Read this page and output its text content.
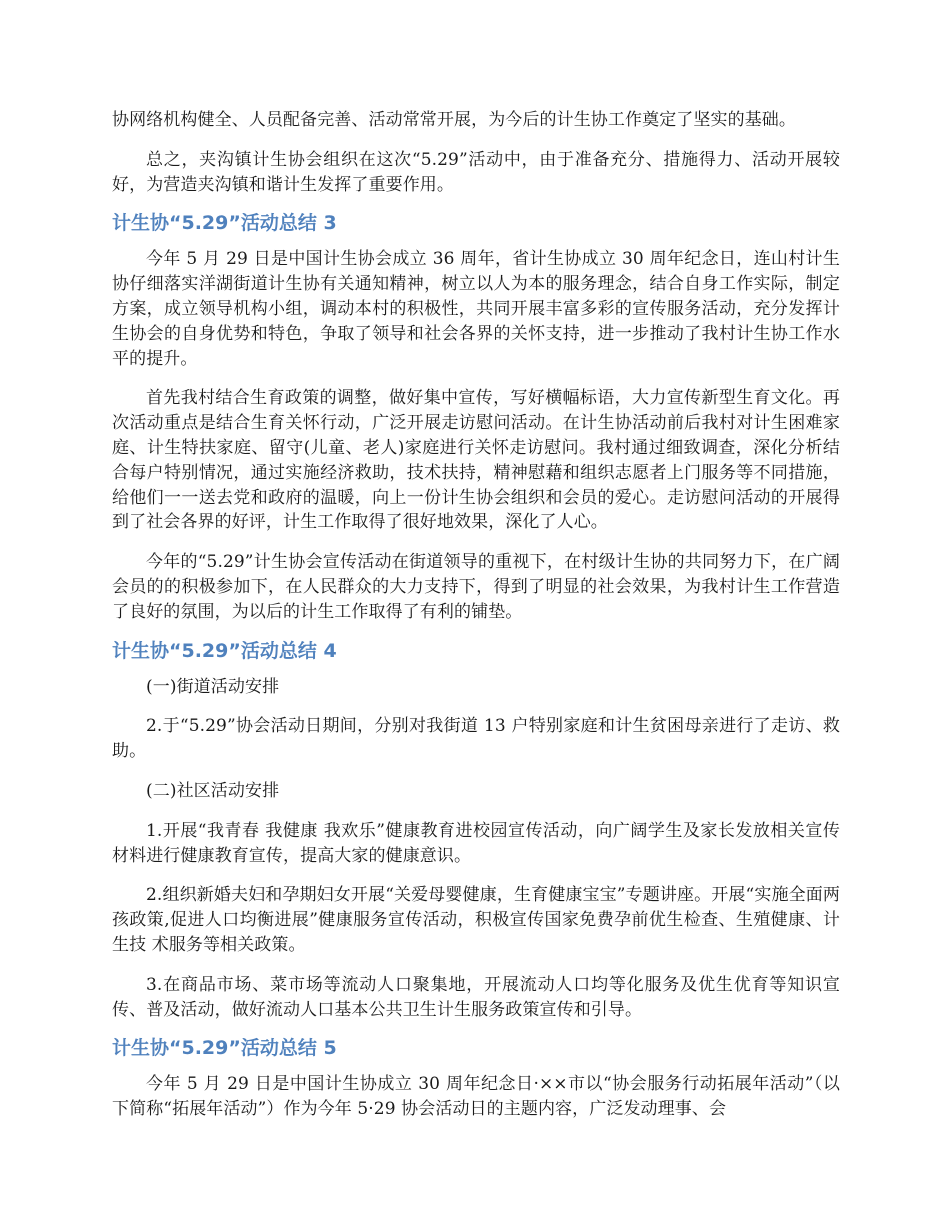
协网络机构健全、人员配备完善、活动常常开展，为今后的计生协工作奠定了坚实的基础。

总之，夹沟镇计生协会组织在这次“5.29”活动中，由于准备充分、措施得力、活动开展较好，为营造夹沟镇和谐计生发挥了重要作用。

计生协“5.29”活动总结 3

今年 5 月 29 日是中国计生协会成立 36 周年，省计生协成立 30 周年纪念日，连山村计生协仔细落实洋湖街道计生协有关通知精神，树立以人为本的服务理念，结合自身工作实际，制定方案，成立领导机构小组，调动本村的积极性，共同开展丰富多彩的宣传服务活动，充分发挥计生协会的自身优势和特色，争取了领导和社会各界的关怀支持，进一步推动了我村计生协工作水平的提升。

首先我村结合生育政策的调整，做好集中宣传，写好横幅标语，大力宣传新型生育文化。再次活动重点是结合生育关怀行动，广泛开展走访慰问活动。在计生协活动前后我村对计生困难家庭、计生特扶家庭、留守(儿童、老人)家庭进行关怀走访慰问。我村通过细致调查，深化分析结合每户特别情况，通过实施经济救助，技术扶持，精神慰藉和组织志愿者上门服务等不同措施，给他们一一送去党和政府的温暖，向上一份计生协会组织和会员的爱心。走访慰问活动的开展得到了社会各界的好评，计生工作取得了很好地效果，深化了人心。

今年的“5.29”计生协会宣传活动在街道领导的重视下，在村级计生协的共同努力下，在广阔会员的的积极参加下，在人民群众的大力支持下，得到了明显的社会效果，为我村计生工作营造了良好的氛围，为以后的计生工作取得了有利的铺垫。

计生协“5.29”活动总结 4

(一)街道活动安排

2.于“5.29”协会活动日期间，分别对我街道 13 户特别家庭和计生贫困母亲进行了走访、救助。

(二)社区活动安排

1.开展“我青春 我健康 我欢乐”健康教育进校园宣传活动，向广阔学生及家长发放相关宣传材料进行健康教育宣传，提高大家的健康意识。

2.组织新婚夫妇和孕期妇女开展“关爱母婴健康，生育健康宝宝”专题讲座。开展“实施全面两孩政策,促进人口均衡进展”健康服务宣传活动，积极宣传国家免费孕前优生检查、生殖健康、计生技 术服务等相关政策。

3.在商品市场、菜市场等流动人口聚集地，开展流动人口均等化服务及优生优育等知识宣传、普及活动，做好流动人口基本公共卫生计生服务政策宣传和引导。

计生协“5.29”活动总结 5

今年 5 月 29 日是中国计生协成立 30 周年纪念日·××市以“协会服务行动拓展年活动”（以下简称“拓展年活动”）作为今年 5·29 协会活动日的主题内容，广泛发动理事、会
